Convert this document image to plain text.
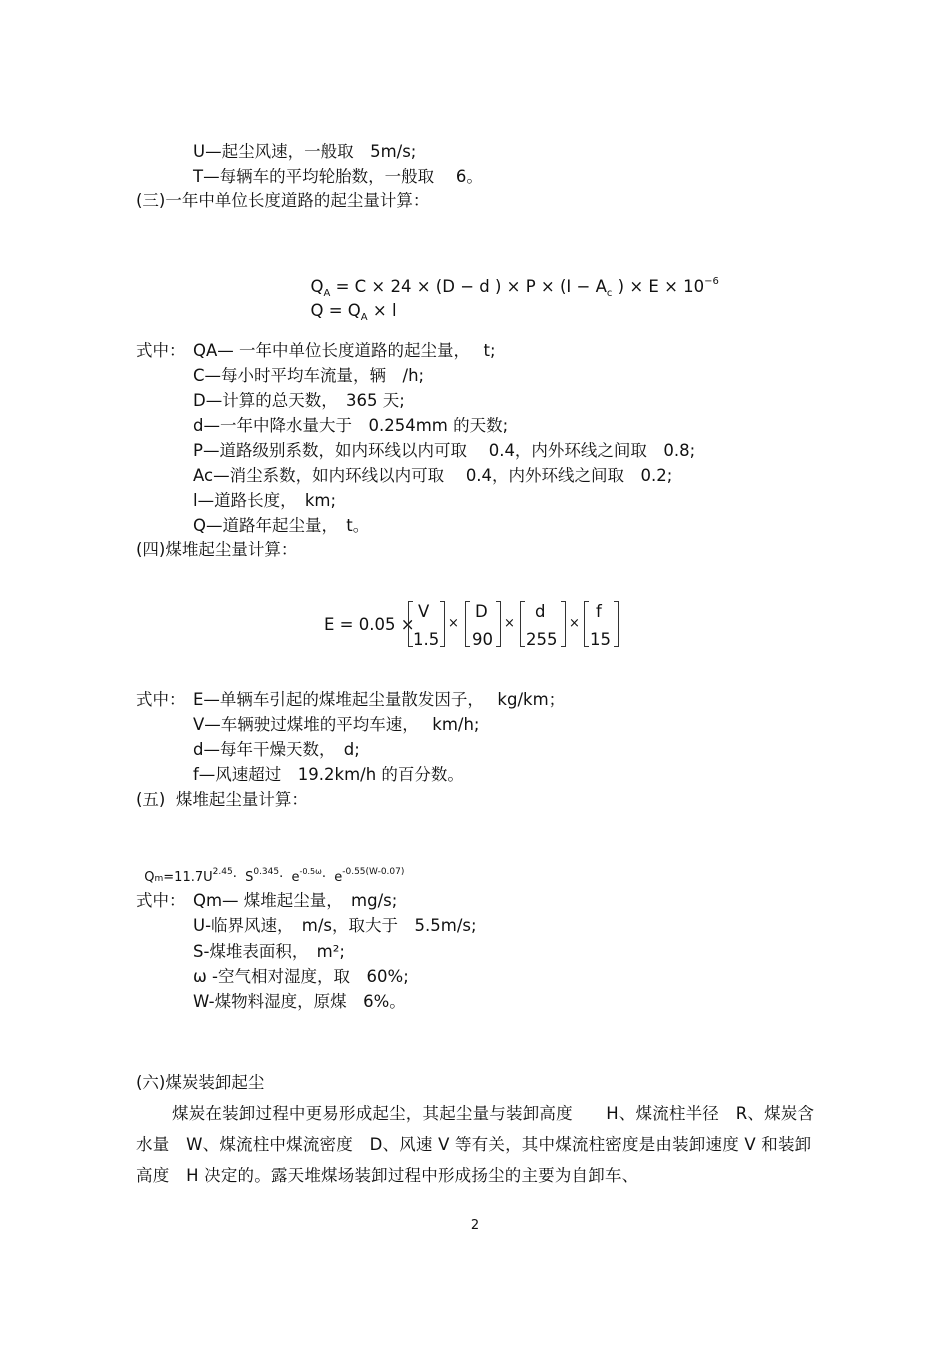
U—起尘风速，一般取　5m/s;
T—每辆车的平均轮胎数，一般取　 6。
(三)一年中单位长度道路的起尘量计算：

$Q_A = C \times 24 \times (D - d$ ) × $P \times (I - A_c$ ) × $E \times 10^{-6}$

$Q = Q_A \times l$

式中： QA— 一年中单位长度道路的起尘量，　 t;
C—每小时平均车流量，辆　/h;
D—计算的总天数，　365 天;
d—一年中降水量大于　0.254mm 的天数;
P—道路级别系数，如内环线以内可取　 0.4，内外环线之间取　0.8;
Ac—消尘系数，如内环线以内可取　 0.4，内外环线之间取　0.2;
l—道路长度，　km;
Q—道路年起尘量，　t。
(四)煤堆起尘量计算：
E = 0.05 ×
V
1.5
×
D
90
×
d
255
×
f
15
式中： E—单辆车引起的煤堆起尘量散发因子，　 kg/km；
V—车辆驶过煤堆的平均车速，　 km/h;
d—每年干燥天数，　d;
f—风速超过　19.2km/h 的百分数。
(五)  煤堆起尘量计算：

$Qm=11.7U^{2.45}\cdot S^{0.345}\cdot e^{-0.5\omega}\cdot e^{-0.55(W-0.07)}$

式中： Qm— 煤堆起尘量，　mg/s;
U-临界风速，　m/s，取大于　5.5m/s;
S-煤堆表面积，　m²;
ω -空气相对湿度，取　60%;
W-煤物料湿度，原煤　6%。
(六)煤炭装卸起尘
煤炭在装卸过程中更易形成起尘，其起尘量与装卸高度　　H、煤流柱半径　R、煤炭含水量　W、煤流柱中煤流密度　D、风速 V 等有关，其中煤流柱密度是由装卸速度 V 和装卸高度　H 决定的。露天堆煤场装卸过程中形成扬尘的主要为自卸车、
2
